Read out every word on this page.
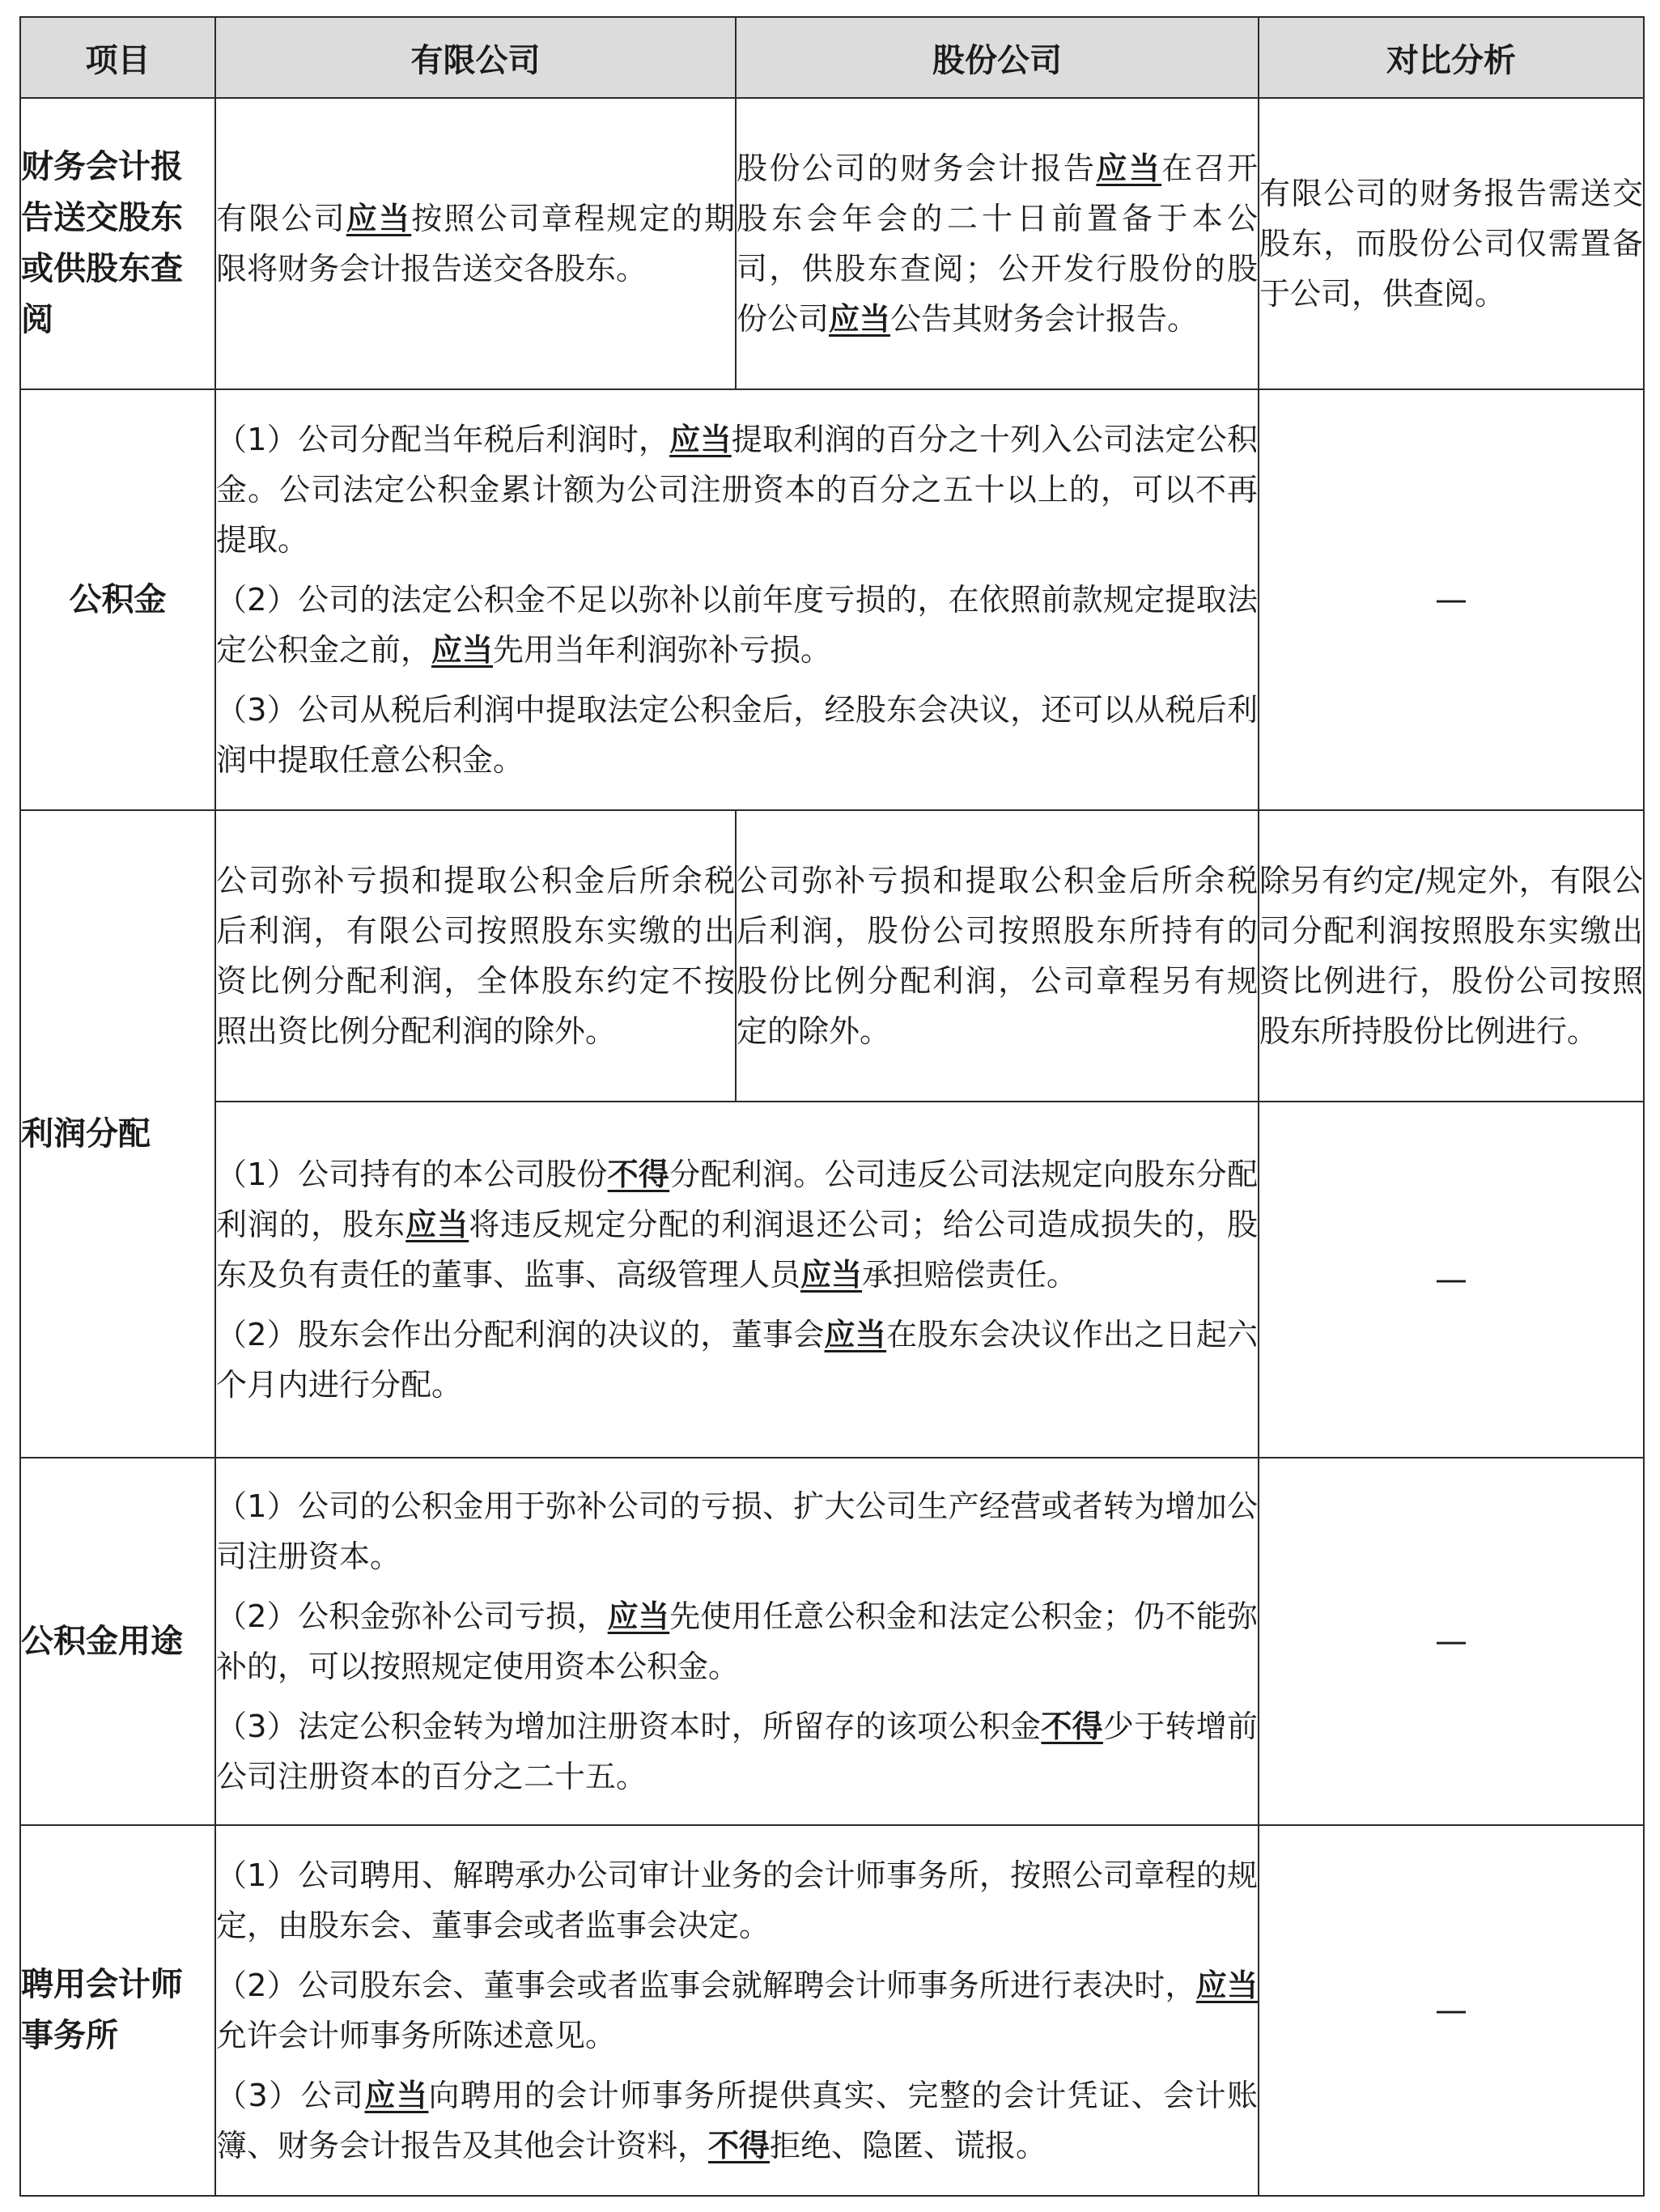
项目	有限公司	股份公司	对比分析
财务会计报告送交股东或供股东查阅	有限公司应当按照公司章程规定的期限将财务会计报告送交各股东。	股份公司的财务会计报告应当在召开股东会年会的二十日前置备于本公司，供股东查阅；公开发行股份的股份公司应当公告其财务会计报告。	有限公司的财务报告需送交股东，而股份公司仅需置备于公司，供查阅。
公积金	（1）公司分配当年税后利润时，应当提取利润的百分之十列入公司法定公积金。公司法定公积金累计额为公司注册资本的百分之五十以上的，可以不再提取。

（2）公司的法定公积金不足以弥补以前年度亏损的，在依照前款规定提取法定公积金之前，应当先用当年利润弥补亏损。

（3）公司从税后利润中提取法定公积金后，经股东会决议，还可以从税后利润中提取任意公积金。		—
利润分配	公司弥补亏损和提取公积金后所余税后利润，有限公司按照股东实缴的出资比例分配利润，全体股东约定不按照出资比例分配利润的除外。	公司弥补亏损和提取公积金后所余税后利润，股份公司按照股东所持有的股份比例分配利润，公司章程另有规定的除外。	除另有约定/规定外，有限公司分配利润按照股东实缴出资比例进行，股份公司按照股东所持股份比例进行。

	（1）公司持有的本公司股份不得分配利润。公司违反公司法规定向股东分配利润的，股东应当将违反规定分配的利润退还公司；给公司造成损失的，股东及负有责任的董事、监事、高级管理人员应当承担赔偿责任。

（2）股东会作出分配利润的决议的，董事会应当在股东会决议作出之日起六个月内进行分配。		—
公积金用途	（1）公司的公积金用于弥补公司的亏损、扩大公司生产经营或者转为增加公司注册资本。

（2）公积金弥补公司亏损，应当先使用任意公积金和法定公积金；仍不能弥补的，可以按照规定使用资本公积金。

（3）法定公积金转为增加注册资本时，所留存的该项公积金不得少于转增前公司注册资本的百分之二十五。		—
聘用会计师事务所	（1）公司聘用、解聘承办公司审计业务的会计师事务所，按照公司章程的规定，由股东会、董事会或者监事会决定。

（2）公司股东会、董事会或者监事会就解聘会计师事务所进行表决时，应当允许会计师事务所陈述意见。

（3）公司应当向聘用的会计师事务所提供真实、完整的会计凭证、会计账簿、财务会计报告及其他会计资料，不得拒绝、隐匿、谎报。		—
